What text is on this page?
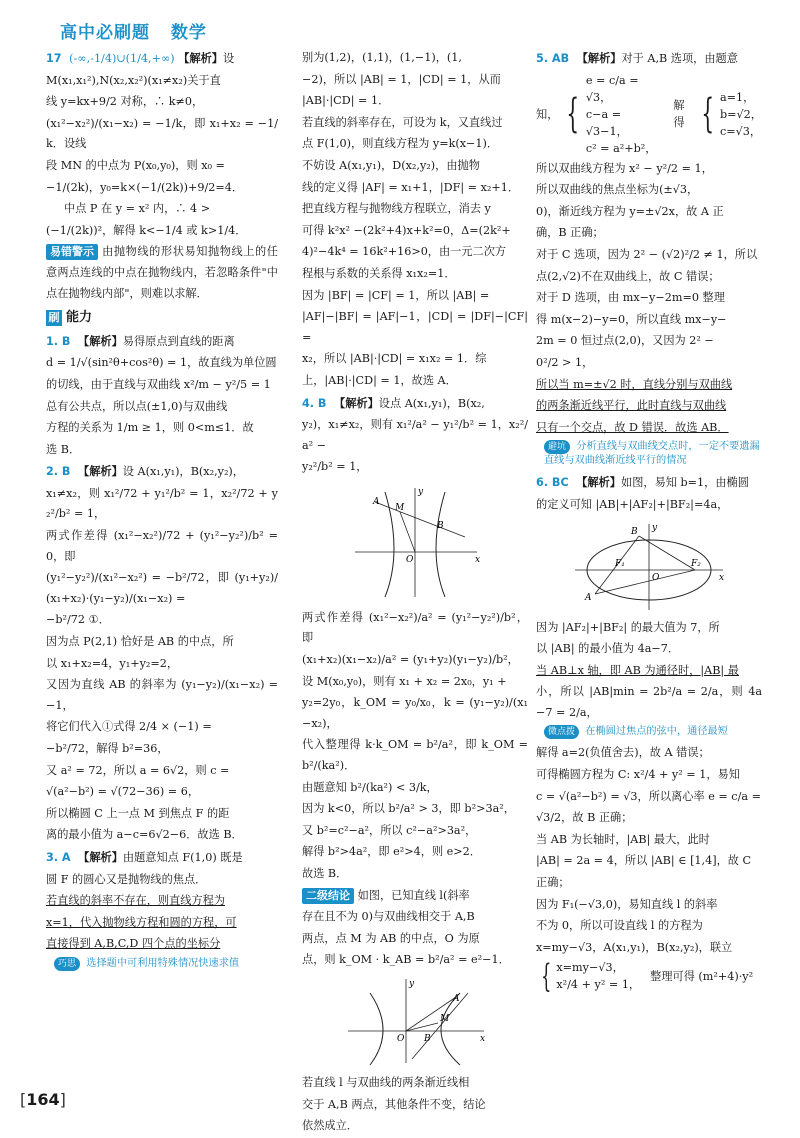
高中必刷题 数学

17 (-∞,-1/4)∪(1/4,+∞) 【解析】设

M(x₁,x₁²),N(x₂,x₂²)(x₁≠x₂)关于直

线 y=kx+9/2 对称，∴ k≠0，

(x₁²−x₂²)/(x₁−x₂) = −1/k，即 x₁+x₂ = −1/k．设线

段 MN 的中点为 P(x₀,y₀)，则 x₀ =

−1/(2k)，y₀=k×(−1/(2k))+9/2=4．

中点 P 在 y = x² 内，∴ 4 >

(−1/(2k))²，解得 k<−1/4 或 k>1/4．

易错警示 由抛物线的形状易知抛物线上的任意两点连线的中点在抛物线内，若忽略条件"中点在抛物线内部"，则难以求解．

刷 能力

1. B 【解析】易得原点到直线的距离

d = 1/√(sin²θ+cos²θ) = 1，故直线为单位圆

的切线，由于直线与双曲线 x²/m − y²/5 = 1

总有公共点，所以点(±1,0)与双曲线

方程的关系为 1/m ≥ 1，则 0<m≤1．故

选 B．

2. B 【解析】设 A(x₁,y₁)，B(x₂,y₂)，

x₁≠x₂，则 x₁²/72 + y₁²/b² = 1，x₂²/72 + y₂²/b² = 1，

两式作差得 (x₁²−x₂²)/72 + (y₁²−y₂²)/b² = 0，即

(y₁²−y₂²)/(x₁²−x₂²) = −b²/72，即 (y₁+y₂)/(x₁+x₂)·(y₁−y₂)/(x₁−x₂) =

−b²/72 ①．

因为点 P(2,1) 恰好是 AB 的中点，所

以 x₁+x₂=4，y₁+y₂=2，

又因为直线 AB 的斜率为 (y₁−y₂)/(x₁−x₂) = −1，

将它们代入①式得 2/4 × (−1) =

−b²/72，解得 b²=36，

又 a² = 72，所以 a = 6√2，则 c =

√(a²−b²) = √(72−36) = 6，

所以椭圆 C 上一点 M 到焦点 F 的距

离的最小值为 a−c=6√2−6．故选 B．

3. A 【解析】由题意知点 F(1,0) 既是

圆 F 的圆心又是抛物线的焦点．

若直线的斜率不存在，则直线方程为

x=1，代入抛物线方程和圆的方程，可

直接得到 A,B,C,D 四个点的坐标分

巧思 选择题中可利用特殊情况快速求值

别为(1,2)，(1,1)，(1,−1)，(1,

−2)，所以 |AB| = 1，|CD| = 1，从而

|AB|·|CD| = 1．

若直线的斜率存在，可设为 k，又直线过

点 F(1,0)，则直线方程为 y=k(x−1)．

不妨设 A(x₁,y₁)，D(x₂,y₂)，由抛物

线的定义得 |AF| = x₁+1，|DF| = x₂+1．

把直线方程与抛物线方程联立，消去 y

可得 k²x² −(2k²+4)x+k²=0，Δ=(2k²+

4)²−4k⁴ = 16k²+16>0，由一元二次方

程根与系数的关系得 x₁x₂=1．

因为 |BF| = |CF| = 1，所以 |AB| =

|AF|−|BF| = |AF|−1，|CD| = |DF|−|CF| =

x₂，所以 |AB|·|CD| = x₁x₂ = 1．综

上，|AB|·|CD| = 1，故选 A．

4. B 【解析】设点 A(x₁,y₁)，B(x₂,

y₂)，x₁≠x₂，则有 x₁²/a² − y₁²/b² = 1，x₂²/a² −

y₂²/b² = 1，

y
x
A
M
B
O

两式作差得 (x₁²−x₂²)/a² = (y₁²−y₂²)/b²，即

(x₁+x₂)(x₁−x₂)/a² = (y₁+y₂)(y₁−y₂)/b²，

设 M(x₀,y₀)，则有 x₁ + x₂ = 2x₀，y₁ +

y₂=2y₀，k_OM = y₀/x₀，k = (y₁−y₂)/(x₁−x₂)，

代入整理得 k·k_OM = b²/a²，即 k_OM = b²/(ka²)．

由题意知 b²/(ka²) < 3/k，

因为 k<0，所以 b²/a² > 3，即 b²>3a²，

又 b²=c²−a²，所以 c²−a²>3a²，

解得 b²>4a²，即 e²>4，则 e>2．

故选 B．

二级结论 如图，已知直线 l(斜率

存在且不为 0)与双曲线相交于 A,B

两点，点 M 为 AB 的中点，O 为原

点，则 k_OM · k_AB = b²/a² = e²−1．

y
x
A
M
B
O

若直线 l 与双曲线的两条渐近线相

交于 A,B 两点，其他条件不变，结论

依然成立．

5. AB 【解析】对于 A,B 选项，由题意

知， {
e = c/a = √3，
c−a = √3−1，
c² = a²+b²，
解得 { a=1，
b=√2，
c=√3，

所以双曲线方程为 x² − y²/2 = 1，

所以双曲线的焦点坐标为(±√3，

0)，渐近线方程为 y=±√2x，故 A 正

确，B 正确；

对于 C 选项，因为 2² − (√2)²/2 ≠ 1，所以

点(2,√2)不在双曲线上，故 C 错误；

对于 D 选项，由 mx−y−2m=0 整理

得 m(x−2)−y=0，所以直线 mx−y−

2m = 0 恒过点(2,0)，又因为 2² −

0²/2 > 1，

所以当 m=±√2 时，直线分别与双曲线

的两条渐近线平行，此时直线与双曲线

只有一个交点，故 D 错误．故选 AB．

避坑 分析直线与双曲线交点时，一定不要遗漏直线与双曲线渐近线平行的情况

6. BC 【解析】如图，易知 b=1，由椭圆

的定义可知 |AB|+|AF₂|+|BF₂|=4a，

y
x
A
B
O
F₁	F₂

因为 |AF₂|+|BF₂| 的最大值为 7，所

以 |AB| 的最小值为 4a−7．

当 AB⊥x 轴，即 AB 为通径时，|AB| 最

小，所以 |AB|min = 2b²/a = 2/a，则 4a−7 = 2/a，

微点拨 在椭圆过焦点的弦中，通径最短

解得 a=2(负值舍去)，故 A 错误；

可得椭圆方程为 C: x²/4 + y² = 1，易知

c = √(a²−b²) = √3，所以离心率 e = c/a =

√3/2，故 B 正确；

当 AB 为长轴时，|AB| 最大，此时

|AB| = 2a = 4，所以 |AB| ∈ [1,4]，故 C

正确；

因为 F₁(−√3,0)，易知直线 l 的斜率

不为 0，所以可设直线 l 的方程为

x=my−√3，A(x₁,y₁)，B(x₂,y₂)，联立

{ x=my−√3，
x²/4 + y² = 1，
整理可得 (m²+4)·y²
[164]
